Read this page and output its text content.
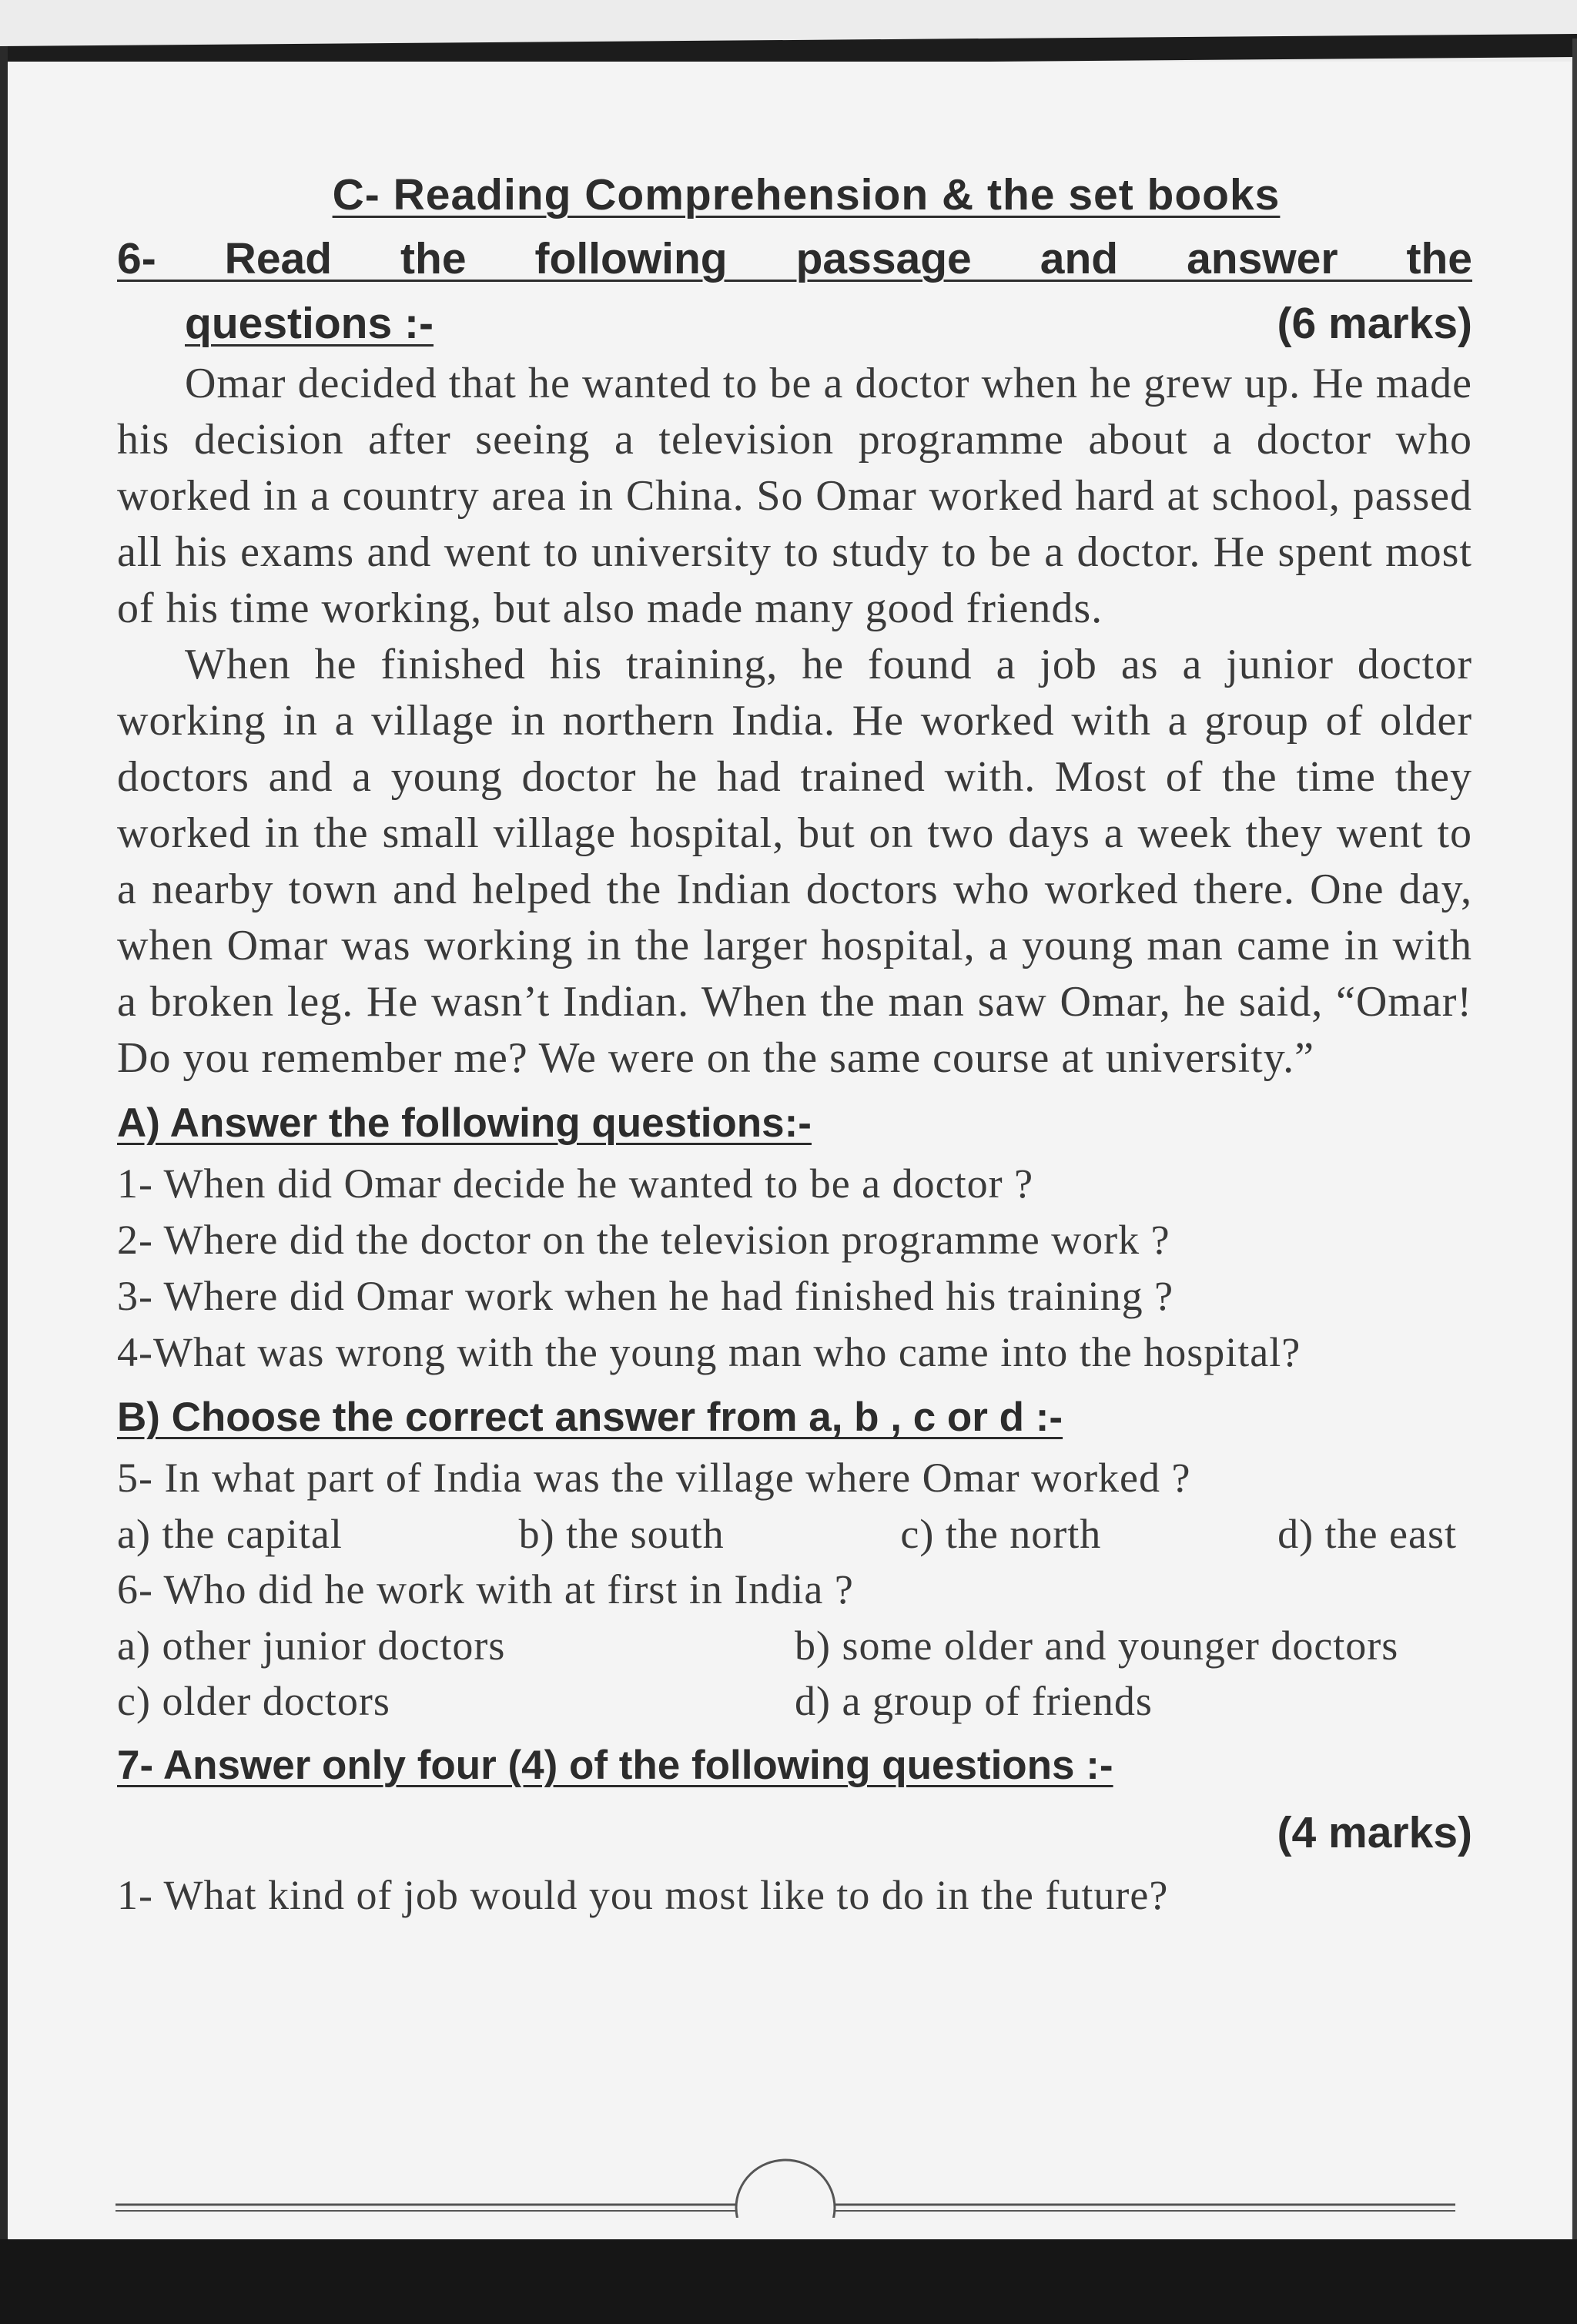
C- Reading Comprehension & the set books
6- Read the following passage and answer the
questions :-	(6 marks)

Omar decided that he wanted to be a doctor when he grew up. He made his decision after seeing a television programme about a doctor who worked in a country area in China. So Omar worked hard at school, passed all his exams and went to university to study to be a doctor. He spent most of his time working, but also made many good friends.

When he finished his training, he found a job as a junior doctor working in a village in northern India. He worked with a group of older doctors and a young doctor he had trained with. Most of the time they worked in the small village hospital, but on two days a week they went to a nearby town and helped the Indian doctors who worked there. One day, when Omar was working in the larger hospital, a young man came in with a broken leg. He wasn’t Indian. When the man saw Omar, he said, “Omar! Do you remember me? We were on the same course at university.”

A) Answer the following questions:-
1- When did Omar decide he wanted to be a doctor ?
2- Where did the doctor on the television programme work ?
3- Where did Omar work when he had finished his training ?
4-What was wrong with the young man who came into the hospital?
B) Choose the correct answer from a, b , c or d :-
5- In what part of India was the village where Omar worked ?
a) the capital	b) the south	c) the north	d) the east
6- Who did he work with at first in India ?
a) other junior doctors	b) some older and younger doctors
c) older doctors	d) a group of friends
7- Answer only four (4) of the following questions :-
(4 marks)
1- What kind of job would you most like to do in the future?
